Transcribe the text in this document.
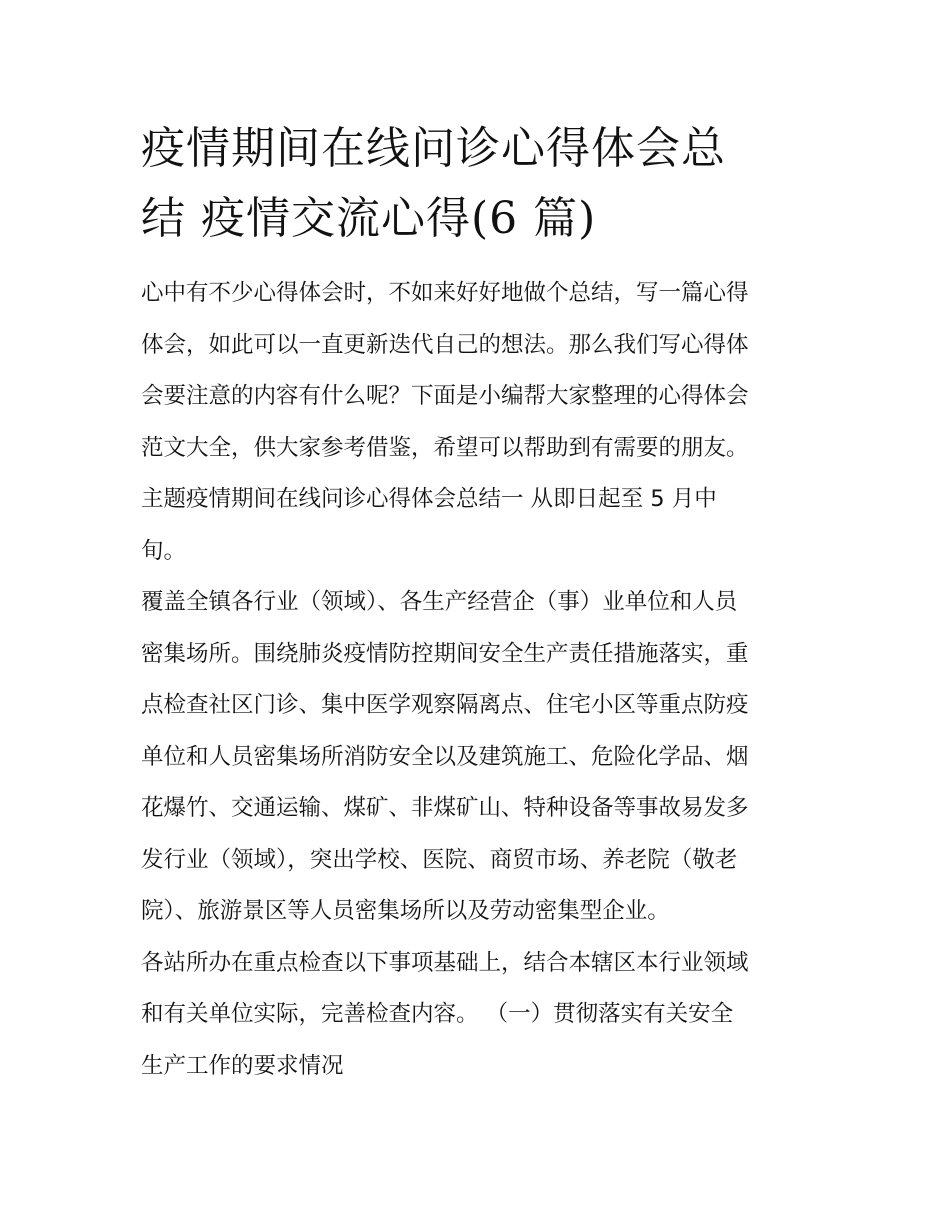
疫情期间在线问诊心得体会总
结 疫情交流心得(6 篇)
心中有不少心得体会时，不如来好好地做个总结，写一篇心得
体会，如此可以一直更新迭代自己的想法。那么我们写心得体
会要注意的内容有什么呢？下面是小编帮大家整理的心得体会
范文大全，供大家参考借鉴，希望可以帮助到有需要的朋友。
主题疫情期间在线问诊心得体会总结一 从即日起至 5 月中
旬。
覆盖全镇各行业（领域）、各生产经营企（事）业单位和人员
密集场所。围绕肺炎疫情防控期间安全生产责任措施落实，重
点检查社区门诊、集中医学观察隔离点、住宅小区等重点防疫
单位和人员密集场所消防安全以及建筑施工、危险化学品、烟
花爆竹、交通运输、煤矿、非煤矿山、特种设备等事故易发多
发行业（领域），突出学校、医院、商贸市场、养老院（敬老
院）、旅游景区等人员密集场所以及劳动密集型企业。
各站所办在重点检查以下事项基础上，结合本辖区本行业领域
和有关单位实际，完善检查内容。 （一）贯彻落实有关安全
生产工作的要求情况
